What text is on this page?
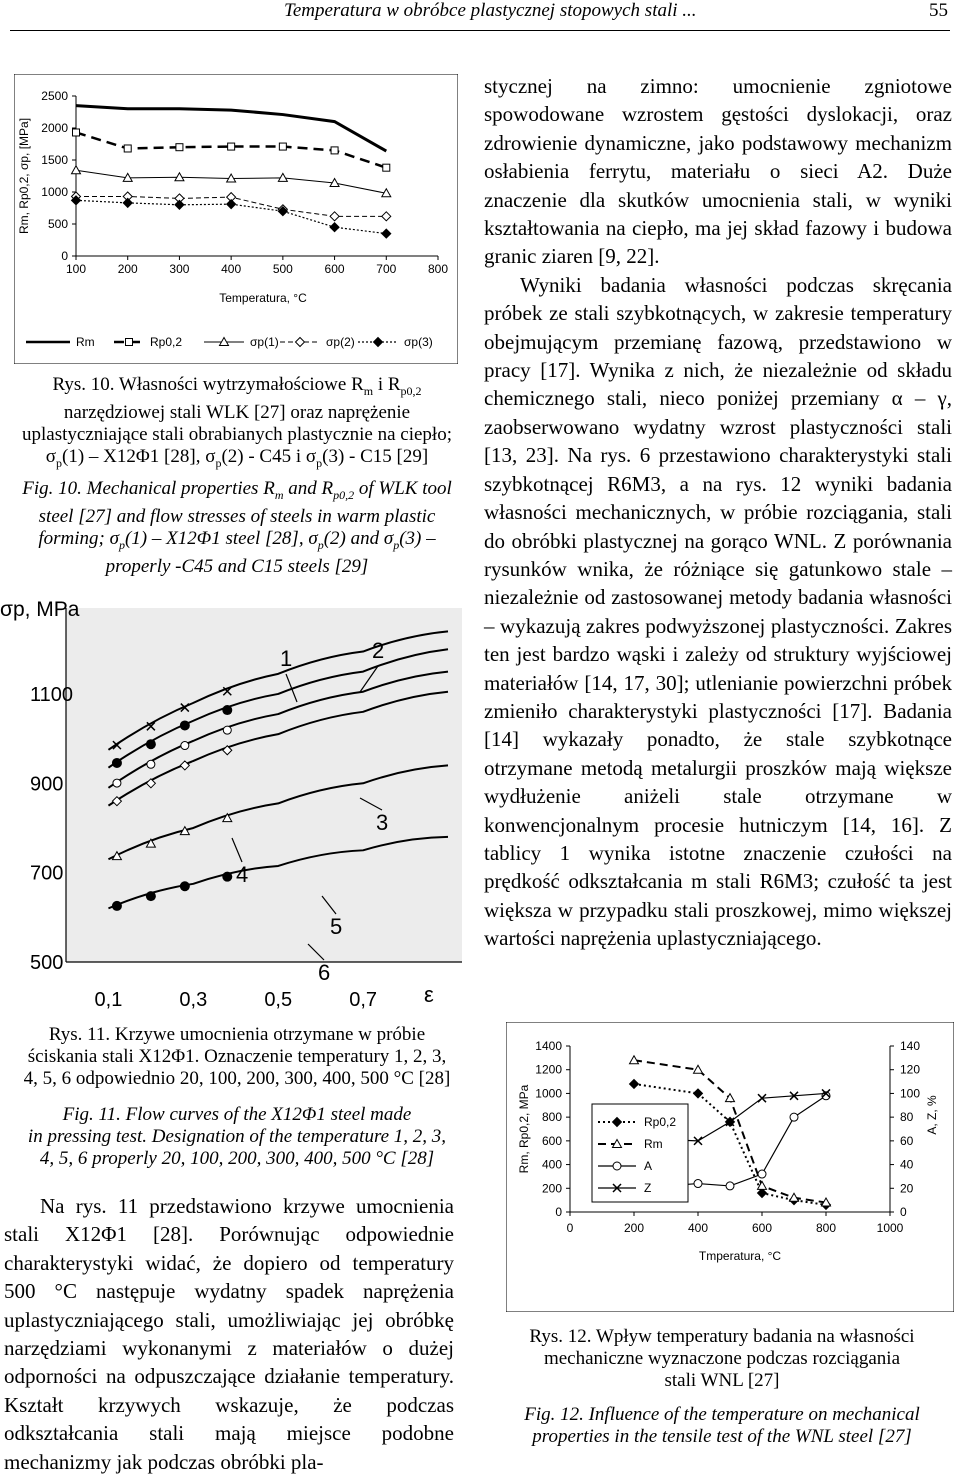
Temperatura w obróbce plastycznej stopowych stali ...	55
0
500
1000
1500
2000
2500
100	200	300	400	500	600	700	800
Rm, Rp0,2, σp, [MPa]
Temperatura, °C
Rm	Rp0,2	σp(1)	σp(2)	σp(3)
Rys. 10. Własności wytrzymałościowe $R_m$ i $R_{p0,2}$
narzędziowej stali WLK [27] oraz naprężenie
uplastyczniające stali obrabianych plastycznie na ciepło;
$\sigma_p(1) - X12\Phi 1$ [28], $\sigma_p(2) - C45$ i $\sigma_p(3) - C15$ [29]
Fig. 10. Mechanical properties $R_m$ and $R_{p0,2}$ of WLK tool
steel [27] and flow stresses of steels in warm plastic
forming; $\sigma_p(1) - X12\Phi 1$ steel [28], $\sigma_p(2)$ and $\sigma_p(3)$ –
properly -C45 and C15 steels [29]
σp, MPa
500
700
900
1100
0,1	0,3	0,5	0,7 ε
1	2
3
4
5
6
Rys. 11. Krzywe umocnienia otrzymane w próbie
ściskania stali X12Φ1. Oznaczenie temperatury 1, 2, 3,
4, 5, 6 odpowiednio 20, 100, 200, 300, 400, 500 °C [28]
Fig. 11. Flow curves of the X12Φ1 steel made
in pressing test. Designation of the temperature 1, 2, 3,
4, 5, 6 properly 20, 100, 200, 300, 400, 500 °C [28]

Na rys. 11 przedstawiono krzywe umocnienia stali X12Φ1 [28]. Porównując odpowiednie charakterystyki widać, że dopiero od temperatury 500 °C następuje wydatny spadek naprężenia uplastyczniającego stali, umożliwiając jej obróbkę narzędziami wykonanymi z materiałów o dużej odporności na odpuszczające działanie temperatury. Kształt krzywych wskazuje, że podczas odkształcania stali mają miejsce podobne mechanizmy jak podczas obróbki pla-

stycznej na zimno: umocnienie zgniotowe spowodowane wzrostem gęstości dyslokacji, oraz zdrowienie dynamiczne, jako podstawowy mechanizm osłabienia ferrytu, materiału o sieci A2. Duże znaczenie dla skutków umocnienia stali, w wyniki kształtowania na ciepło, ma jej skład fazowy i budowa granic ziaren [9, 22].

Wyniki badania własności podczas skręcania próbek ze stali szybkotnących, w zakresie temperatury obejmującym przemianę fazową, przedstawiono w pracy [17]. Wynika z nich, że niezależnie od składu chemicznego stali, nieco poniżej przemiany α – γ, zaobserwowano wydatny wzrost plastyczności stali [13, 23]. Na rys. 6 przestawiono charakterystyki stali szybkotnącej R6M3, a na rys. 12 wyniki badania własności mechanicznych, w próbie rozciągania, stali do obróbki plastycznej na gorąco WNL. Z porównania rysunków wnika, że różniące się gatunkowo stale – niezależnie od zastosowanej metody badania własności – wykazują zakres podwyższonej plastyczności. Zakres ten jest bardzo wąski i zależy od struktury wyjściowej materiałów [14, 17, 30]; utlenianie powierzchni próbek zmieniło charakterystyki plastyczności [17]. Badania [14] wykazały ponadto, że stale szybkotnące otrzymane metodą metalurgii proszków mają większe wydłużenie aniżeli stale otrzymane w konwencjonalnym procesie hutniczym [14, 16]. Z tablicy 1 wynika istotne znaczenie czułości na prędkość odkształcania m stali R6M3; czułość ta jest większa w przypadku stali proszkowej, mimo większej wartości naprężenia uplastyczniającego.

0
200
400
600
800
1000
1200
1400
0
20
40
60
80
100
120
140
0	200	400	600	800	1000
Tmperatura, °C
Rm, Rp0,2, MPa	A, Z, %
Rp0,2
Rm
A
Z
Rys. 12. Wpływ temperatury badania na własności
mechaniczne wyznaczone podczas rozciągania
stali WNL [27]
Fig. 12. Influence of the temperature on mechanical
properties in the tensile test of the WNL steel [27]
